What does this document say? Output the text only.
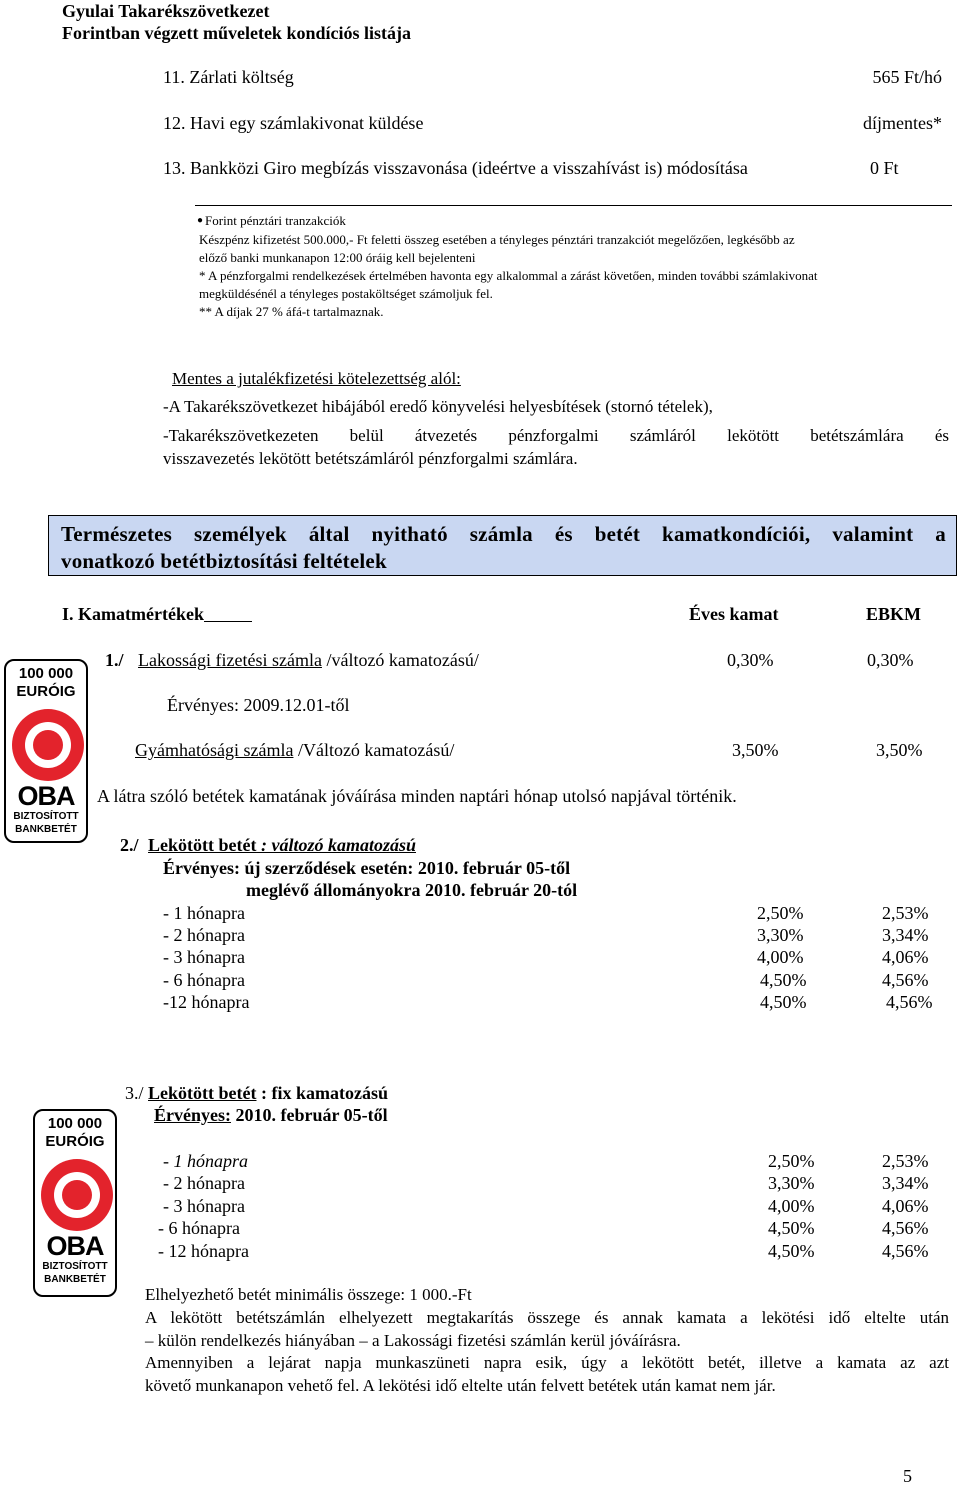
Gyulai Takarékszövetkezet
Forintban végzett műveletek kondíciós listája
11. Zárlati költség	565 Ft/hó
12. Havi egy számlakivonat küldése	díjmentes*
13. Bankközi Giro megbízás visszavonása (ideértve a visszahívást is) módosítása	0 Ft
● Forint pénztári tranzakciók
Készpénz kifizetést 500.000,- Ft feletti összeg esetében a tényleges pénztári tranzakciót megelőzően, legkésőbb az
előző banki munkanapon 12:00 óráig kell bejelenteni
* A pénzforgalmi rendelkezések értelmében havonta egy alkalommal a zárást követően, minden további számlakivonat
megküldésénél a tényleges postaköltséget számoljuk fel.
** A díjak 27 % áfá-t tartalmaznak.
Mentes a jutalékfizetési kötelezettség alól:
-A Takarékszövetkezet hibájából eredő könyvelési helyesbítések (stornó tételek),
-Takarékszövetkezeten belül átvezetés pénzforgalmi számláról lekötött betétszámlára és
visszavezetés lekötött betétszámláról pénzforgalmi számlára.
Természetes személyek által nyitható számla és betét kamatkondíciói, valamint a
vonatkozó betétbiztosítási feltételek
I. Kamatmértékek	Éves kamat	EBKM
100 000
EURÓIG
OBA
BIZTOSÍTOTT
BANKBETÉT
1./ Lakossági fizetési számla /változó kamatozású/	0,30%	0,30%
Érvényes: 2009.12.01-től
Gyámhatósági számla /Változó kamatozású/	3,50%	3,50%
A látra szóló betétek kamatának jóváírása minden naptári hónap utolsó napjával történik.
2./ Lekötött betét : változó kamatozású
Érvényes: új szerződések esetén: 2010. február 05-től
meglévő állományokra 2010. február 20-tól
- 1 hónapra	2,50%	2,53%
- 2 hónapra	3,30%	3,34%
- 3 hónapra	4,00%	4,06%
- 6 hónapra	4,50%	4,56%
-12 hónapra	4,50%	4,56%
100 000
EURÓIG
OBA
BIZTOSÍTOTT
BANKBETÉT
3./ Lekötött betét : fix kamatozású
Érvényes: 2010. február 05-től
- 1 hónapra	2,50%	2,53%
- 2 hónapra	3,30%	3,34%
- 3 hónapra	4,00%	4,06%
- 6 hónapra	4,50%	4,56%
- 12 hónapra	4,50%	4,56%
Elhelyezhető betét minimális összege: 1 000.-Ft
A lekötött betétszámlán elhelyezett megtakarítás összege és annak kamata a lekötési idő eltelte után
– külön rendelkezés hiányában – a Lakossági fizetési számlán kerül jóváírásra.
Amennyiben a lejárat napja munkaszüneti napra esik, úgy a lekötött betét, illetve a kamata az azt
követő munkanapon vehető fel. A lekötési idő eltelte után felvett betétek után kamat nem jár.
5
